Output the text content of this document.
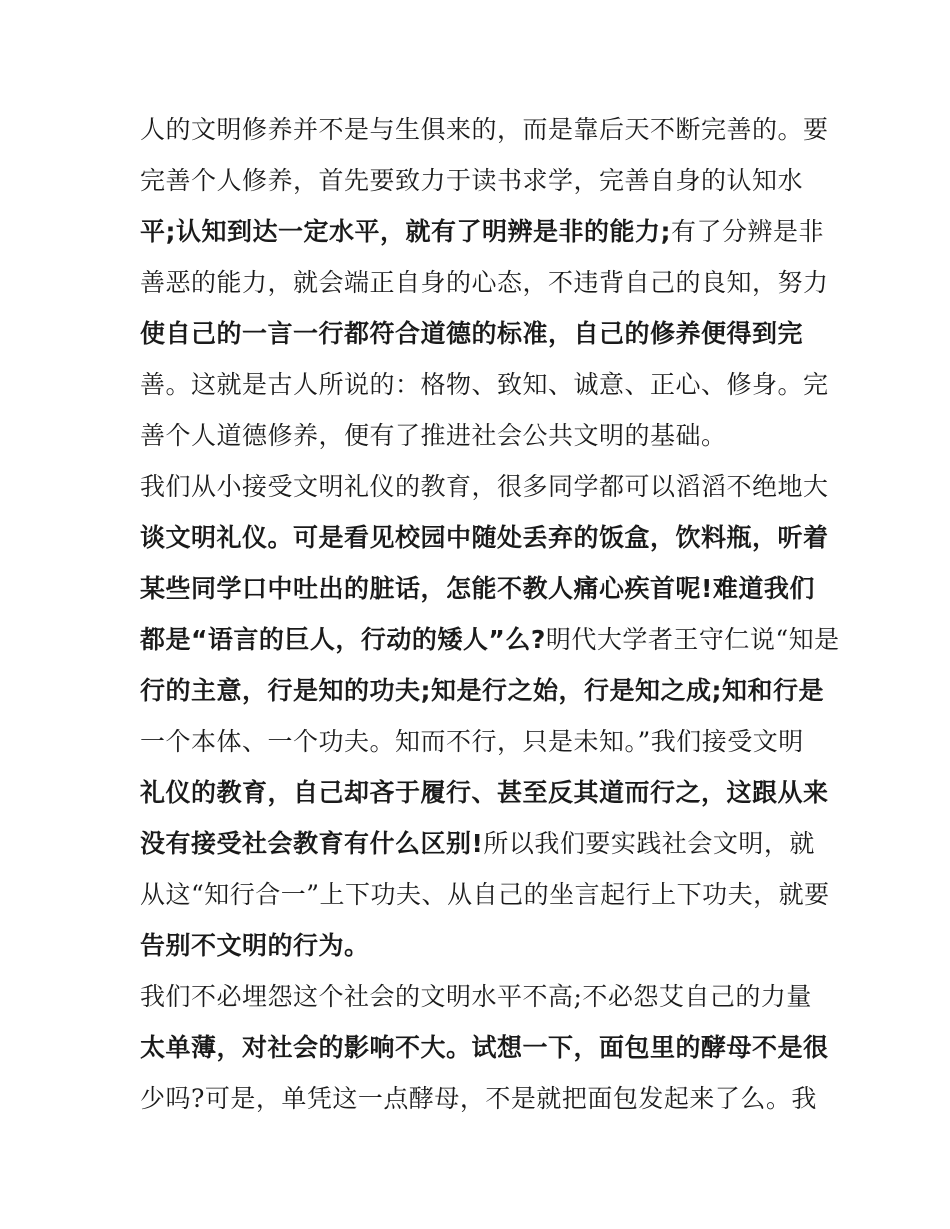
人的文明修养并不是与生俱来的，而是靠后天不断完善的。要
完善个人修养，首先要致力于读书求学，完善自身的认知水
平;认知到达一定水平，就有了明辨是非的能力;有了分辨是非
善恶的能力，就会端正自身的心态，不违背自己的良知，努力
使自己的一言一行都符合道德的标准，自己的修养便得到完
善。这就是古人所说的：格物、致知、诚意、正心、修身。完
善个人道德修养，便有了推进社会公共文明的基础。
我们从小接受文明礼仪的教育，很多同学都可以滔滔不绝地大
谈文明礼仪。可是看见校园中随处丢弃的饭盒，饮料瓶，听着
某些同学口中吐出的脏话，怎能不教人痛心疾首呢!难道我们
都是“语言的巨人，行动的矮人”么?明代大学者王守仁说“知是
行的主意，行是知的功夫;知是行之始，行是知之成;知和行是
一个本体、一个功夫。知而不行，只是未知。”我们接受文明
礼仪的教育，自己却吝于履行、甚至反其道而行之，这跟从来
没有接受社会教育有什么区别!所以我们要实践社会文明，就
从这“知行合一”上下功夫、从自己的坐言起行上下功夫，就要
告别不文明的行为。
我们不必埋怨这个社会的文明水平不高;不必怨艾自己的力量
太单薄，对社会的影响不大。试想一下，面包里的酵母不是很
少吗?可是，单凭这一点酵母，不是就把面包发起来了么。我
